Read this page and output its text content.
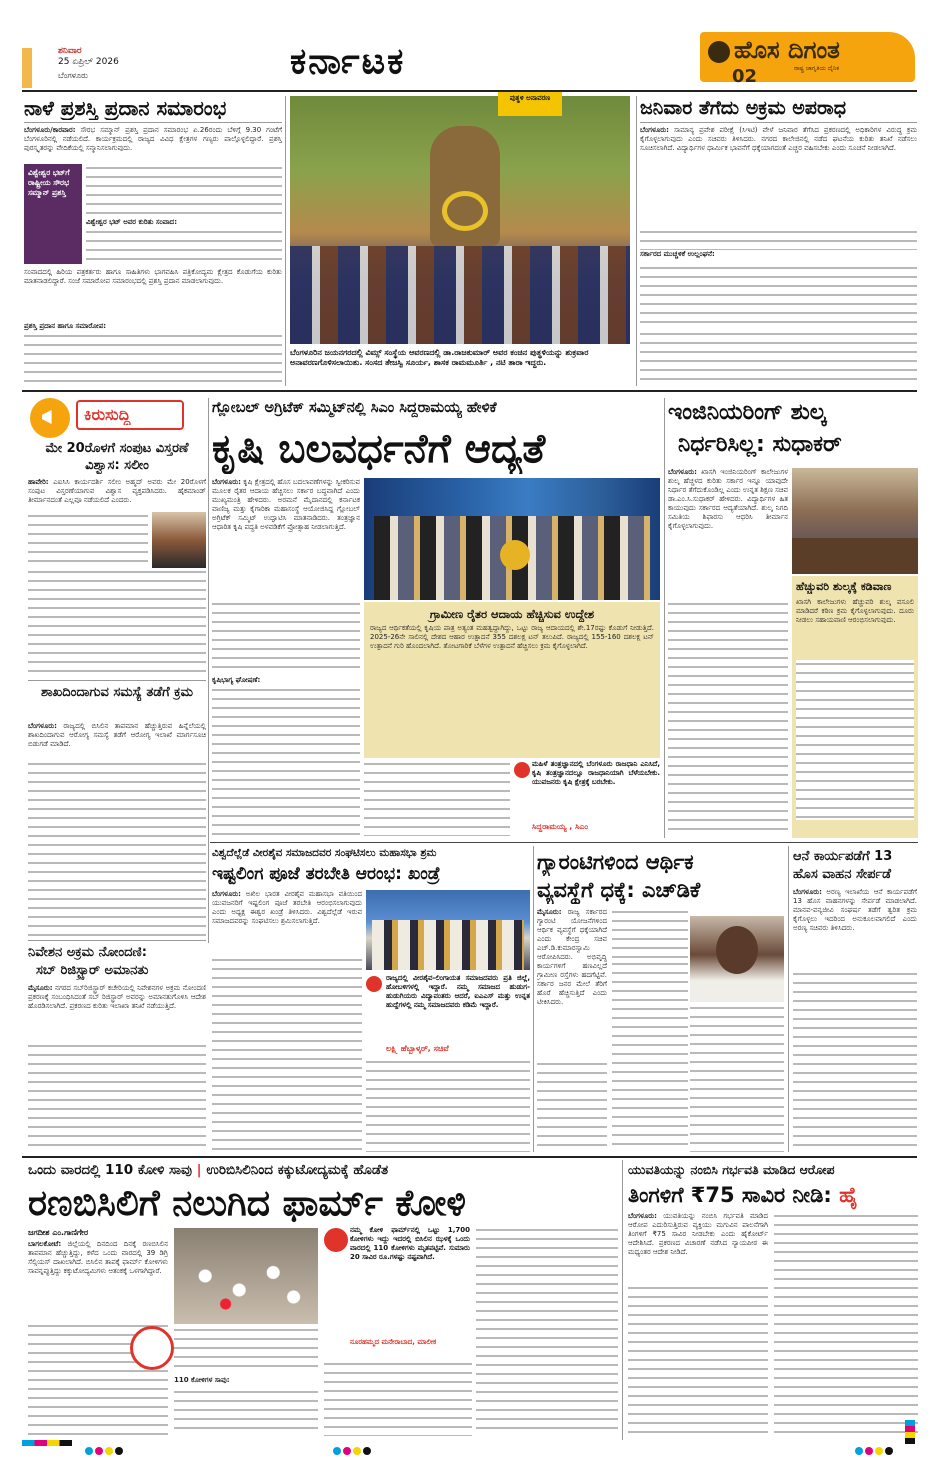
ಶನಿವಾರ
25 ಏಪ್ರಿಲ್ 2026
ಬೆಂಗಳೂರು	ಕರ್ನಾಟಕ	ಹೊಸ ದಿಗಂತ
ರಾಷ್ಟ್ರ ಜಾಗೃತಿಯ ದೈನಿಕ
02
ನಾಳೆ ಪ್ರಶಸ್ತಿ ಪ್ರದಾನ ಸಮಾರಂಭ
ಬೆಂಗಳೂರು/ಕಾರವಾರ: ಸೌರಭ ಸಮ್ಮಾನ್ ಪ್ರಶಸ್ತಿ ಪ್ರದಾನ ಸಮಾರಂಭ ಏ.26ರಂದು ಬೆಳಿಗ್ಗೆ 9.30 ಗಂಟೆಗೆ ಬೆಂಗಳೂರಿನಲ್ಲಿ ನಡೆಯಲಿದೆ. ಕಾರ್ಯಕ್ರಮದಲ್ಲಿ ರಾಜ್ಯದ ವಿವಿಧ ಕ್ಷೇತ್ರಗಳ ಗಣ್ಯರು ಪಾಲ್ಗೊಳ್ಳಲಿದ್ದಾರೆ. ಪ್ರಶಸ್ತಿ ಪುರಸ್ಕೃತರನ್ನು ವೇದಿಕೆಯಲ್ಲಿ ಸನ್ಮಾನಿಸಲಾಗುವುದು.
ವಿಶ್ವೇಶ್ವರ ಭಟ್‌ಗೆ ರಾಷ್ಟ್ರೀಯ ಸೌರಭ ಸಮ್ಮಾನ್ ಪ್ರಶಸ್ತಿ
ವಿಶ್ವೇಶ್ವರ ಭಟ್ ಅವರ ಕುರಿತು ಸಂವಾದ:
ಸಂವಾದದಲ್ಲಿ ಹಿರಿಯ ಪತ್ರಕರ್ತರು ಹಾಗೂ ಸಾಹಿತಿಗಳು ಭಾಗವಹಿಸಿ ಪತ್ರಿಕೋದ್ಯಮ ಕ್ಷೇತ್ರದ ಕೊಡುಗೆಯ ಕುರಿತು ಮಾತನಾಡಲಿದ್ದಾರೆ. ಸಂಜೆ ಸಮಾರೋಪ ಸಮಾರಂಭದಲ್ಲಿ ಪ್ರಶಸ್ತಿ ಪ್ರದಾನ ಮಾಡಲಾಗುವುದು.
ಪ್ರಶಸ್ತಿ ಪ್ರದಾನ ಹಾಗೂ ಸಮಾರೋಪ:
ಪುತ್ಥಳಿ ಅನಾವರಣ
ಬೆಂಗಳೂರಿನ ಜಯನಗರದಲ್ಲಿ ವಿಮ್ಸ್ ಸಂಸ್ಥೆಯ ಆವರಣದಲ್ಲಿ ಡಾ.ರಾಜಕುಮಾರ್ ಅವರ ಕಂಚಿನ ಪುತ್ಥಳಿಯನ್ನು ಶುಕ್ರವಾರ ಅನಾವರಣಗೊಳಿಸಲಾಯಿತು. ಸಂಸದ ತೇಜಸ್ವಿ ಸೂರ್ಯ, ಶಾಸಕ ರಾಮಮೂರ್ತಿ , ನಟಿ ತಾರಾ ಇದ್ದರು.
ಜನಿವಾರ ತೆಗೆದು ಅಕ್ರಮ ಅಪರಾಧ
ಬೆಂಗಳೂರು: ಸಾಮಾನ್ಯ ಪ್ರವೇಶ ಪರೀಕ್ಷೆ (ಸಿಇಟಿ) ವೇಳೆ ಜನಿವಾರ ತೆಗೆಸಿದ ಪ್ರಕರಣದಲ್ಲಿ ಅಧಿಕಾರಿಗಳ ವಿರುದ್ಧ ಕ್ರಮ ಕೈಗೊಳ್ಳಲಾಗುವುದು ಎಂದು ಸಚಿವರು ತಿಳಿಸಿದರು. ನಗರದ ಕಾಲೇಜಿನಲ್ಲಿ ನಡೆದ ಘಟನೆಯ ಕುರಿತು ತನಿಖೆ ನಡೆಸಲು ಸೂಚಿಸಲಾಗಿದೆ. ವಿದ್ಯಾರ್ಥಿಗಳ ಧಾರ್ಮಿಕ ಭಾವನೆಗೆ ಧಕ್ಕೆಯಾಗದಂತೆ ಎಚ್ಚರ ವಹಿಸಬೇಕು ಎಂದು ಸೂಚನೆ ನೀಡಲಾಗಿದೆ.
ಸರ್ಕಾರದ ಮುಚ್ಚಳಿಕೆ ಉಲ್ಲಂಘನೆ:
ಕಿರುಸುದ್ದಿ
ಮೇ 20ರೊಳಗೆ ಸಂಪುಟ ವಿಸ್ತರಣೆ ವಿಶ್ವಾಸ: ಸಲೀಂ
ಹಾವೇರಿ: ಎಐಸಿಸಿ ಕಾರ್ಯದರ್ಶಿ ಸಲೀಂ ಅಹ್ಮದ್ ಅವರು ಮೇ 20ರೊಳಗೆ ಸಂಪುಟ ವಿಸ್ತರಣೆಯಾಗುವ ವಿಶ್ವಾಸ ವ್ಯಕ್ತಪಡಿಸಿದರು. ಹೈಕಮಾಂಡ್ ತೀರ್ಮಾನದಂತೆ ಎಲ್ಲವೂ ನಡೆಯಲಿದೆ ಎಂದರು.
ಶಾಖದಿಂದಾಗುವ ಸಮಸ್ಯೆ ತಡೆಗೆ ಕ್ರಮ
ಬೆಂಗಳೂರು: ರಾಜ್ಯದಲ್ಲಿ ಬಿಸಿಲಿನ ತಾಪಮಾನ ಹೆಚ್ಚುತ್ತಿರುವ ಹಿನ್ನೆಲೆಯಲ್ಲಿ ಶಾಖದಿಂದಾಗುವ ಆರೋಗ್ಯ ಸಮಸ್ಯೆ ತಡೆಗೆ ಆರೋಗ್ಯ ಇಲಾಖೆ ಮಾರ್ಗಸೂಚಿ ಬಿಡುಗಡೆ ಮಾಡಿದೆ.
ಗ್ಲೋಬಲ್ ಅಗ್ರಿಟೆಕ್ ಸಮ್ಮಿಟ್‌ನಲ್ಲಿ ಸಿಎಂ ಸಿದ್ದರಾಮಯ್ಯ ಹೇಳಿಕೆ
ಕೃಷಿ ಬಲವರ್ಧನೆಗೆ ಆದ್ಯತೆ
ಬೆಂಗಳೂರು: ಕೃಷಿ ಕ್ಷೇತ್ರದಲ್ಲಿ ಹೊಸ ಬದಲಾವಣೆಗಳನ್ನು ಸ್ವೀಕರಿಸುವ ಮೂಲಕ ರೈತರ ಆದಾಯ ಹೆಚ್ಚಿಸಲು ಸರ್ಕಾರ ಬದ್ಧವಾಗಿದೆ ಎಂದು ಮುಖ್ಯಮಂತ್ರಿ ಹೇಳಿದರು. ಅರಮನೆ ಮೈದಾನದಲ್ಲಿ ಕರ್ನಾಟಕ ವಾಣಿಜ್ಯ ಮತ್ತು ಕೈಗಾರಿಕಾ ಮಹಾಸಂಸ್ಥೆ ಆಯೋಜಿಸಿದ್ದ ಗ್ಲೋಬಲ್ ಅಗ್ರಿಟೆಕ್ ಸಮ್ಮಿಟ್ ಉದ್ಘಾಟಿಸಿ ಮಾತನಾಡಿದರು. ತಂತ್ರಜ್ಞಾನ ಆಧಾರಿತ ಕೃಷಿ ಪದ್ಧತಿ ಅಳವಡಿಕೆಗೆ ಪ್ರೋತ್ಸಾಹ ನೀಡಲಾಗುತ್ತಿದೆ.
ಗ್ರಾಮೀಣ ರೈತರ ಆದಾಯ ಹೆಚ್ಚಿಸುವ ಉದ್ದೇಶ
ರಾಜ್ಯದ ಆರ್ಥಿಕತೆಯಲ್ಲಿ ಕೃಷಿಯ ಪಾತ್ರ ಅತ್ಯಂತ ಮಹತ್ವದ್ದಾಗಿದ್ದು, ಒಟ್ಟು ರಾಜ್ಯ ಆದಾಯದಲ್ಲಿ ಶೇ.17ರಷ್ಟು ಕೊಡುಗೆ ನೀಡುತ್ತಿದೆ. 2025-26ನೇ ಸಾಲಿನಲ್ಲಿ ದೇಶದ ಆಹಾರ ಉತ್ಪಾದನೆ 355 ದಶಲಕ್ಷ ಟನ್ ತಲುಪಿದೆ. ರಾಜ್ಯದಲ್ಲಿ 155-160 ದಶಲಕ್ಷ ಟನ್ ಉತ್ಪಾದನೆ ಗುರಿ ಹೊಂದಲಾಗಿದೆ. ತೋಟಗಾರಿಕೆ ಬೆಳೆಗಳ ಉತ್ಪಾದನೆ ಹೆಚ್ಚಿಸಲು ಕ್ರಮ ಕೈಗೊಳ್ಳಲಾಗಿದೆ.
ಕೃಷಿಭಾಗ್ಯ ಘೋಷಣೆ:
ಮಹಿಳೆ ತಂತ್ರಜ್ಞಾನದಲ್ಲಿ ಬೆಂಗಳೂರು ರಾಜಧಾನಿ ಎನಿಸಿದೆ, ಕೃಷಿ ತಂತ್ರಜ್ಞಾನದಲ್ಲೂ ರಾಜಧಾನಿಯಾಗಿ ಬೆಳೆಯಬೇಕು. ಯುವಜನರು ಕೃಷಿ ಕ್ಷೇತ್ರಕ್ಕೆ ಬರಬೇಕು.
ಸಿದ್ದರಾಮಯ್ಯ , ಸಿಎಂ
ಇಂಜಿನಿಯರಿಂಗ್ ಶುಲ್ಕ
ನಿರ್ಧರಿಸಿಲ್ಲ: ಸುಧಾಕರ್
ಬೆಂಗಳೂರು: ಖಾಸಗಿ ಇಂಜಿನಿಯರಿಂಗ್ ಕಾಲೇಜುಗಳ ಶುಲ್ಕ ಹೆಚ್ಚಳದ ಕುರಿತು ಸರ್ಕಾರ ಇನ್ನೂ ಯಾವುದೇ ನಿರ್ಧಾರ ತೆಗೆದುಕೊಂಡಿಲ್ಲ ಎಂದು ಉನ್ನತ ಶಿಕ್ಷಣ ಸಚಿವ ಡಾ.ಎಂ.ಸಿ.ಸುಧಾಕರ್ ಹೇಳಿದರು. ವಿದ್ಯಾರ್ಥಿಗಳ ಹಿತ ಕಾಯುವುದು ಸರ್ಕಾರದ ಆದ್ಯತೆಯಾಗಿದೆ. ಶುಲ್ಕ ನಿಗದಿ ಸಮಿತಿಯ ಶಿಫಾರಸು ಆಧರಿಸಿ ತೀರ್ಮಾನ ಕೈಗೊಳ್ಳಲಾಗುವುದು.
ಹೆಚ್ಚುವರಿ ಶುಲ್ಕಕ್ಕೆ ಕಡಿವಾಣ
ಖಾಸಗಿ ಕಾಲೇಜುಗಳು ಹೆಚ್ಚುವರಿ ಶುಲ್ಕ ವಸೂಲಿ ಮಾಡಿದರೆ ಕಠಿಣ ಕ್ರಮ ಕೈಗೊಳ್ಳಲಾಗುವುದು. ದೂರು ನೀಡಲು ಸಹಾಯವಾಣಿ ಆರಂಭಿಸಲಾಗುವುದು.
ವಿಶ್ವದೆಲ್ಲೆಡೆ ವೀರಶೈವ ಸಮಾಜದವರ ಸಂಘಟಿಸಲು ಮಹಾಸಭಾ ಶ್ರಮ
ಇಷ್ಟಲಿಂಗ ಪೂಜೆ ತರಬೇತಿ ಆರಂಭ: ಖಂಡ್ರೆ
ಬೆಂಗಳೂರು: ಅಖಿಲ ಭಾರತ ವೀರಶೈವ ಮಹಾಸಭಾ ವತಿಯಿಂದ ಯುವಜನರಿಗೆ ಇಷ್ಟಲಿಂಗ ಪೂಜೆ ತರಬೇತಿ ಆರಂಭಿಸಲಾಗುವುದು ಎಂದು ಅಧ್ಯಕ್ಷ ಈಶ್ವರ ಖಂಡ್ರೆ ತಿಳಿಸಿದರು. ವಿಶ್ವದೆಲ್ಲೆಡೆ ಇರುವ ಸಮಾಜದವರನ್ನು ಸಂಘಟಿಸಲು ಶ್ರಮಿಸಲಾಗುತ್ತಿದೆ.
ರಾಜ್ಯದಲ್ಲಿ ವೀರಶೈವ-ಲಿಂಗಾಯತ ಸಮಾಜದವರು ಪ್ರತಿ ಜಿಲ್ಲೆ, ಹೋಬಳಿಗಳಲ್ಲಿ ಇದ್ದಾರೆ. ನಮ್ಮ ಸಮಾಜದ ಹುಡುಗ-ಹುಡುಗಿಯರು ವಿದ್ಯಾವಂತರು ಆದರೆ, ಐಎಎಸ್ ಮತ್ತು ಉನ್ನತ ಹುದ್ದೆಗಳಲ್ಲಿ ನಮ್ಮ ಸಮಾಜದವರು ಕಡಿಮೆ ಇದ್ದಾರೆ.
ಲಕ್ಷ್ಮಿ ಹೆಬ್ಬಾಳ್ಕರ್, ಸಚಿವೆ
ಗ್ಯಾರಂಟಿಗಳಿಂದ ಆರ್ಥಿಕ
ವ್ಯವಸ್ಥೆಗೆ ಧಕ್ಕೆ: ಎಚ್‌ಡಿಕೆ
ಮೈಸೂರು: ರಾಜ್ಯ ಸರ್ಕಾರದ ಗ್ಯಾರಂಟಿ ಯೋಜನೆಗಳಿಂದ ಆರ್ಥಿಕ ವ್ಯವಸ್ಥೆಗೆ ಧಕ್ಕೆಯಾಗಿದೆ ಎಂದು ಕೇಂದ್ರ ಸಚಿವ ಎಚ್.ಡಿ.ಕುಮಾರಸ್ವಾಮಿ ಆರೋಪಿಸಿದರು. ಅಭಿವೃದ್ಧಿ ಕಾರ್ಯಗಳಿಗೆ ಹಣವಿಲ್ಲದೆ ಗ್ರಾಮೀಣ ರಸ್ತೆಗಳು ಹದಗೆಟ್ಟಿವೆ. ಸರ್ಕಾರ ಜನರ ಮೇಲೆ ತೆರಿಗೆ ಹೊರೆ ಹೆಚ್ಚಿಸುತ್ತಿದೆ ಎಂದು ಟೀಕಿಸಿದರು.
ಆನೆ ಕಾರ್ಯಪಡೆಗೆ 13
ಹೊಸ ವಾಹನ ಸೇರ್ಪಡೆ
ಬೆಂಗಳೂರು: ಅರಣ್ಯ ಇಲಾಖೆಯ ಆನೆ ಕಾರ್ಯಪಡೆಗೆ 13 ಹೊಸ ವಾಹನಗಳನ್ನು ಸೇರ್ಪಡೆ ಮಾಡಲಾಗಿದೆ. ಮಾನವ-ವನ್ಯಜೀವಿ ಸಂಘರ್ಷ ತಡೆಗೆ ತ್ವರಿತ ಕ್ರಮ ಕೈಗೊಳ್ಳಲು ಇದರಿಂದ ಅನುಕೂಲವಾಗಲಿದೆ ಎಂದು ಅರಣ್ಯ ಸಚಿವರು ತಿಳಿಸಿದರು.
ನಿವೇಶನ ಅಕ್ರಮ ನೋಂದಣಿ:
ಸಬ್ ರಿಜಿಸ್ಟ್ರಾರ್ ಅಮಾನತು
ಮೈಸೂರು: ನಗರದ ಸಬ್‌ರಿಜಿಸ್ಟ್ರಾರ್ ಕಚೇರಿಯಲ್ಲಿ ನಿವೇಶನಗಳ ಅಕ್ರಮ ನೋಂದಣಿ ಪ್ರಕರಣಕ್ಕೆ ಸಂಬಂಧಿಸಿದಂತೆ ಸಬ್ ರಿಜಿಸ್ಟ್ರಾರ್ ಅವರನ್ನು ಅಮಾನತುಗೊಳಿಸಿ ಆದೇಶ ಹೊರಡಿಸಲಾಗಿದೆ. ಪ್ರಕರಣದ ಕುರಿತು ಇಲಾಖಾ ತನಿಖೆ ನಡೆಯುತ್ತಿದೆ.
ಒಂದು ವಾರದಲ್ಲಿ 110 ಕೋಳಿ ಸಾವು | ಉರಿಬಿಸಿಲಿನಿಂದ ಕಕ್ಕುಟೋದ್ಯಮಕ್ಕೆ ಹೊಡೆತ
ರಣಬಿಸಿಲಿಗೆ ನಲುಗಿದ ಫಾರ್ಮ್ ಕೋಳಿ
ಜಗದೀಶ ಎಂ.ಗಾಣಿಗೇರ
ಬಾಗಲಕೋಟೆ: ಜಿಲ್ಲೆಯಲ್ಲಿ ದಿನದಿಂದ ದಿನಕ್ಕೆ ರಣಬಿಸಿಲಿನ ತಾಪಮಾನ ಹೆಚ್ಚುತ್ತಿದ್ದು, ಕಳೆದ ಒಂದು ವಾರದಲ್ಲಿ 39 ಡಿಗ್ರಿ ಸೆಲ್ಸಿಯಸ್ ದಾಖಲಾಗಿದೆ. ಬಿಸಿಲಿನ ತಾಪಕ್ಕೆ ಫಾರ್ಮ್ ಕೋಳಿಗಳು ಸಾವನ್ನಪ್ಪುತ್ತಿದ್ದು ಕಕ್ಕುಟೋದ್ಯಮಿಗಳು ಆತಂಕಕ್ಕೆ ಒಳಗಾಗಿದ್ದಾರೆ.
110 ಕೋಳಿಗಳ ಸಾವು:
ನಮ್ಮ ಕೋಳಿ ಫಾರ್ಮ್‌ನಲ್ಲಿ ಒಟ್ಟು 1,700 ಕೋಳಿಗಳು ಇದ್ದು ಇದರಲ್ಲಿ ಬಿಸಿಲಿನ ಝಳಕ್ಕೆ ಒಂದು ವಾರದಲ್ಲಿ 110 ಕೋಳಿಗಳು ಮೃತಪಟ್ಟಿವೆ. ಸುಮಾರು 20 ಸಾವಿರ ರೂ.ಗಳಷ್ಟು ನಷ್ಟವಾಗಿದೆ.
ನೂರಹಮ್ಮದ ಮನೇರಾಬಾದ, ಮಾಲೀಕ
ಯುವತಿಯನ್ನು ನಂಬಿಸಿ ಗರ್ಭವತಿ ಮಾಡಿದ ಆರೋಪ
ತಿಂಗಳಿಗೆ ₹75 ಸಾವಿರ ನೀಡಿ: ಹೈ
ಬೆಂಗಳೂರು: ಯುವತಿಯನ್ನು ನಂಬಿಸಿ ಗರ್ಭವತಿ ಮಾಡಿದ ಆರೋಪ ಎದುರಿಸುತ್ತಿರುವ ವ್ಯಕ್ತಿಯು ಮಗುವಿನ ಪಾಲನೆಗಾಗಿ ತಿಂಗಳಿಗೆ ₹75 ಸಾವಿರ ನೀಡಬೇಕು ಎಂದು ಹೈಕೋರ್ಟ್ ಆದೇಶಿಸಿದೆ. ಪ್ರಕರಣದ ವಿಚಾರಣೆ ನಡೆಸಿದ ನ್ಯಾಯಪೀಠ ಈ ಮಧ್ಯಂತರ ಆದೇಶ ನೀಡಿದೆ.
